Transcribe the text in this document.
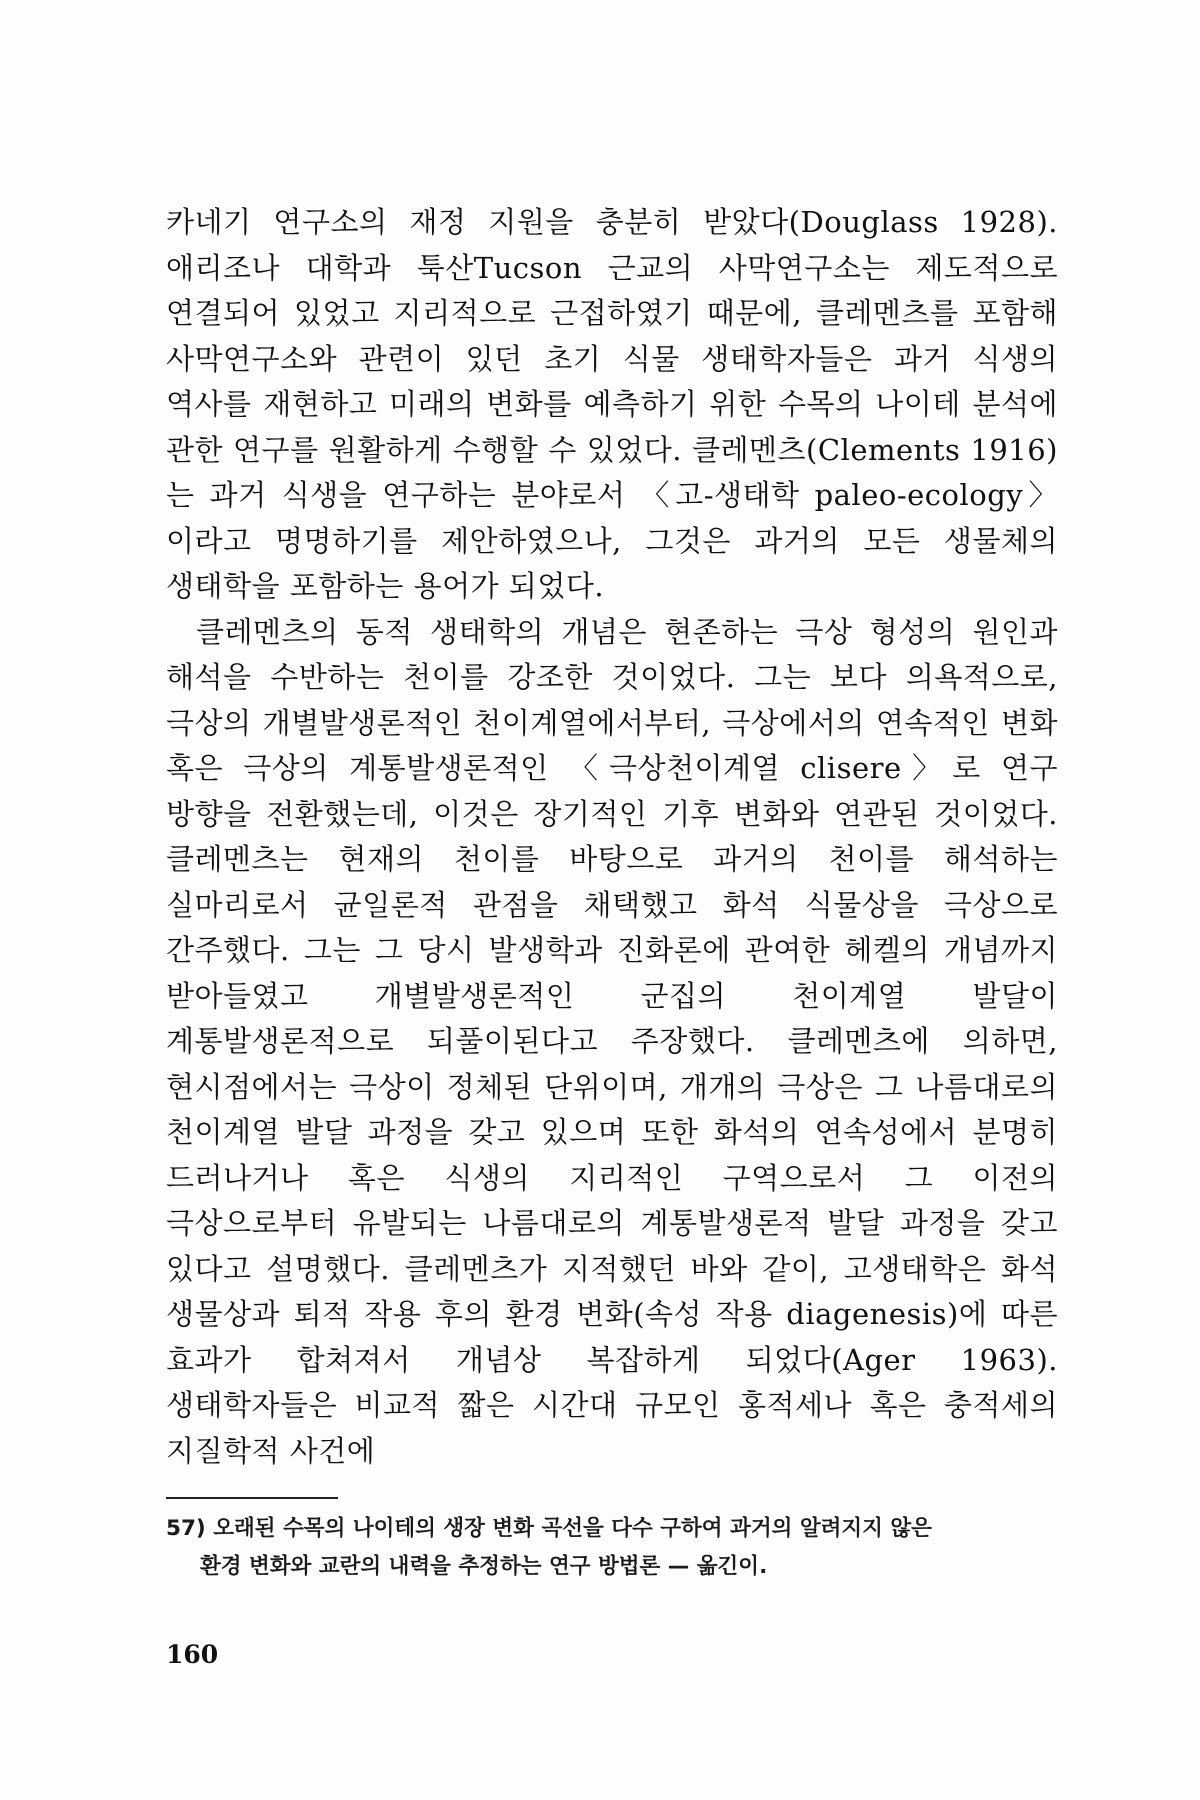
카네기 연구소의 재정 지원을 충분히 받았다(Douglass 1928). 애리조나 대학과 툭산Tucson 근교의 사막연구소는 제도적으로 연결되어 있었고 지리적으로 근접하였기 때문에, 클레멘츠를 포함해 사막연구소와 관련이 있던 초기 식물 생태학자들은 과거 식생의 역사를 재현하고 미래의 변화를 예측하기 위한 수목의 나이테 분석에 관한 연구를 원활하게 수행할 수 있었다. 클레멘츠(Clements 1916)는 과거 식생을 연구하는 분야로서 〈고-생태학 paleo-ecology〉이라고 명명하기를 제안하였으나, 그것은 과거의 모든 생물체의 생태학을 포함하는 용어가 되었다.

클레멘츠의 동적 생태학의 개념은 현존하는 극상 형성의 원인과 해석을 수반하는 천이를 강조한 것이었다. 그는 보다 의욕적으로, 극상의 개별발생론적인 천이계열에서부터, 극상에서의 연속적인 변화 혹은 극상의 계통발생론적인 〈극상천이계열 clisere〉로 연구 방향을 전환했는데, 이것은 장기적인 기후 변화와 연관된 것이었다. 클레멘츠는 현재의 천이를 바탕으로 과거의 천이를 해석하는 실마리로서 균일론적 관점을 채택했고 화석 식물상을 극상으로 간주했다. 그는 그 당시 발생학과 진화론에 관여한 헤켈의 개념까지 받아들였고 개별발생론적인 군집의 천이계열 발달이 계통발생론적으로 되풀이된다고 주장했다. 클레멘츠에 의하면, 현시점에서는 극상이 정체된 단위이며, 개개의 극상은 그 나름대로의 천이계열 발달 과정을 갖고 있으며 또한 화석의 연속성에서 분명히 드러나거나 혹은 식생의 지리적인 구역으로서 그 이전의 극상으로부터 유발되는 나름대로의 계통발생론적 발달 과정을 갖고 있다고 설명했다. 클레멘츠가 지적했던 바와 같이, 고생태학은 화석 생물상과 퇴적 작용 후의 환경 변화(속성 작용 diagenesis)에 따른 효과가 합쳐져서 개념상 복잡하게 되었다(Ager 1963). 생태학자들은 비교적 짧은 시간대 규모인 홍적세나 혹은 충적세의 지질학적 사건에

57) 오래된 수목의 나이테의 생장 변화 곡선을 다수 구하여 과거의 알려지지 않은
환경 변화와 교란의 내력을 추정하는 연구 방법론 — 옮긴이.
160
